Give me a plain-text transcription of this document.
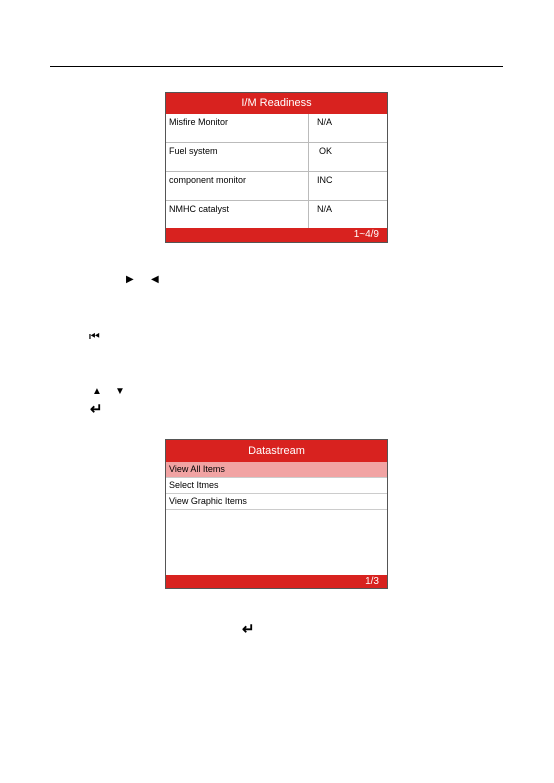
I/M Readiness
Misfire Monitor	N/A
Fuel system	OK
component monitor	INC
NMHC catalyst	N/A
1~4/9
▶ ◀
⏮
▲ ▼
↵
Datastream
View All Items
Select Itmes
View Graphic Items
1/3
↵
